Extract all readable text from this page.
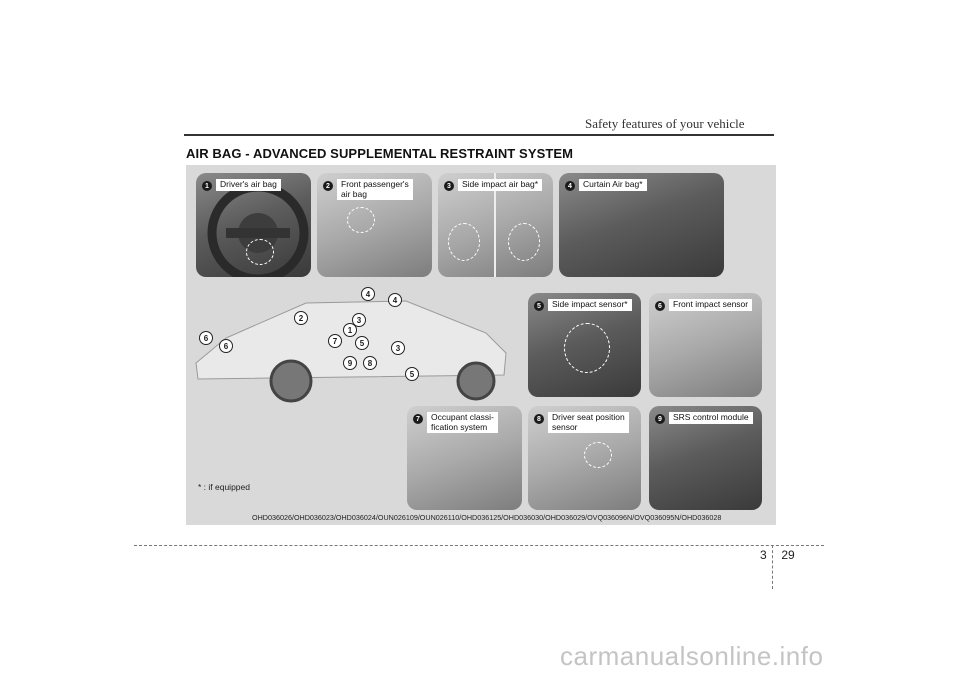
Safety features of your vehicle
AIR BAG - ADVANCED SUPPLEMENTAL RESTRAINT SYSTEM
1	Driver's air bag	2	Front passenger's
air bag
3	Side impact air bag*	4	Curtain Air bag*
4
4
2	3
1
5
7
3
6
6
9	8
5
5	Side impact sensor*	6	Front impact sensor
7	Occupant classi-
fication system
8	Driver seat position
sensor
9	SRS control module
* : if equipped
OHD036026/OHD036023/OHD036024/OUN026109/OUN026110/OHD036125/OHD036030/OHD036029/OVQ036096N/OVQ036095N/OHD036028
3 29
carmanualsonline.info
